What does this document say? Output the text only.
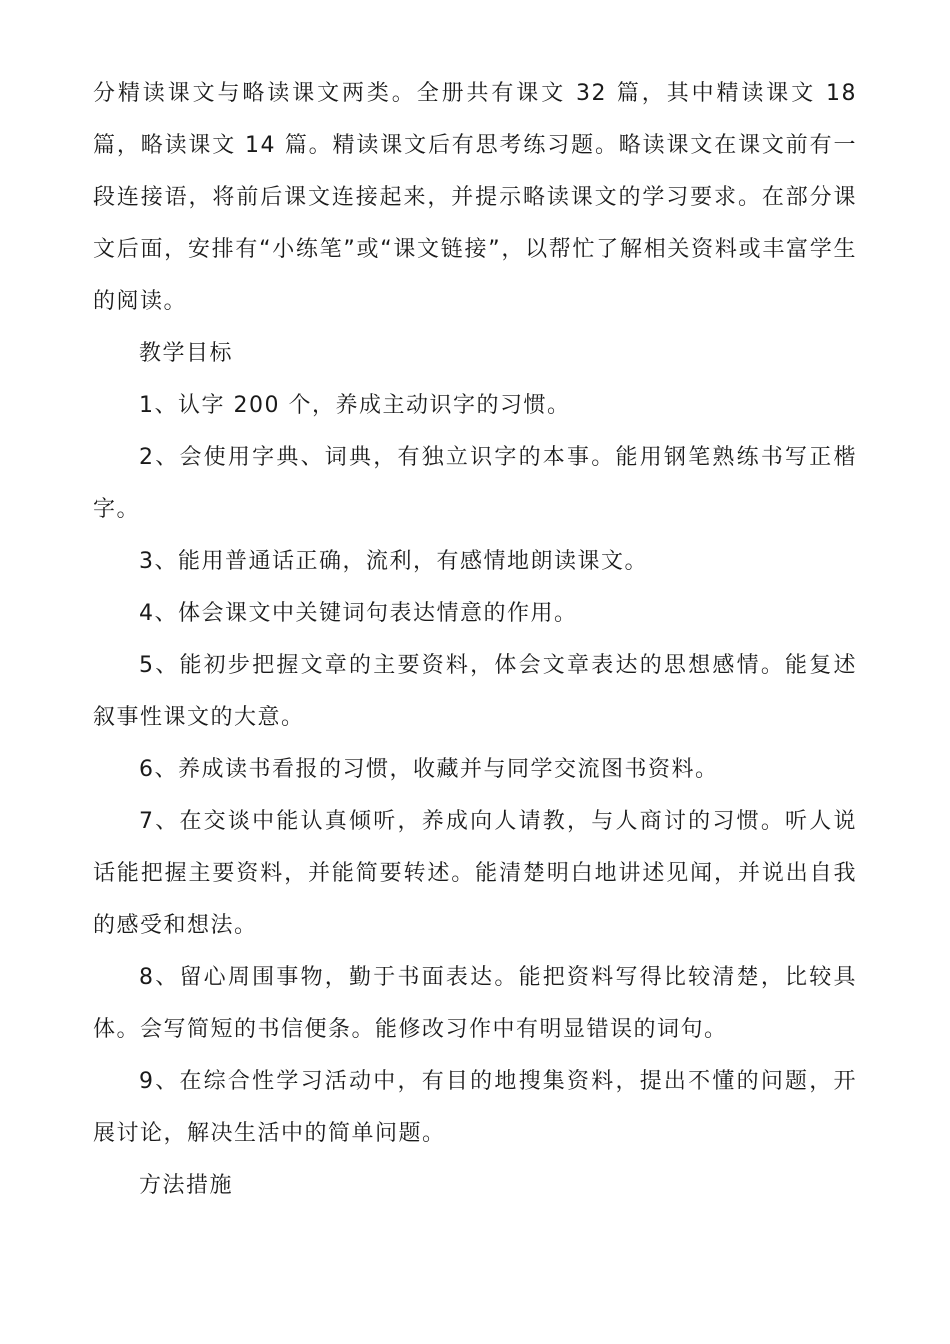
分精读课文与略读课文两类。全册共有课文 32 篇，其中精读课文 18 篇，略读课文 14 篇。精读课文后有思考练习题。略读课文在课文前有一段连接语，将前后课文连接起来，并提示略读课文的学习要求。在部分课文后面，安排有“小练笔”或“课文链接”，以帮忙了解相关资料或丰富学生的阅读。

教学目标

1、认字 200 个，养成主动识字的习惯。

2、会使用字典、词典，有独立识字的本事。能用钢笔熟练书写正楷字。

3、能用普通话正确，流利，有感情地朗读课文。

4、体会课文中关键词句表达情意的作用。

5、能初步把握文章的主要资料，体会文章表达的思想感情。能复述叙事性课文的大意。

6、养成读书看报的习惯，收藏并与同学交流图书资料。

7、在交谈中能认真倾听，养成向人请教，与人商讨的习惯。听人说话能把握主要资料，并能简要转述。能清楚明白地讲述见闻，并说出自我的感受和想法。

8、留心周围事物，勤于书面表达。能把资料写得比较清楚，比较具体。会写简短的书信便条。能修改习作中有明显错误的词句。

9、在综合性学习活动中，有目的地搜集资料，提出不懂的问题，开展讨论，解决生活中的简单问题。

方法措施
